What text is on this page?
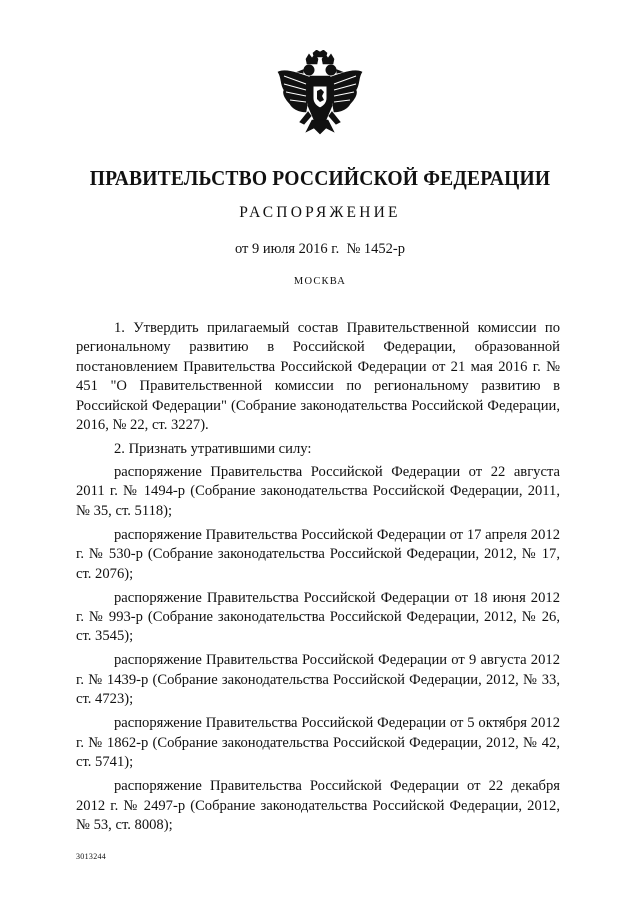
ПРАВИТЕЛЬСТВО РОССИЙСКОЙ ФЕДЕРАЦИИ
РАСПОРЯЖЕНИЕ
от 9 июля 2016 г.  № 1452-р
МОСКВА

1. Утвердить прилагаемый состав Правительственной комиссии по региональному развитию в Российской Федерации, образованной постановлением Правительства Российской Федерации от 21 мая 2016 г. № 451 "О Правительственной комиссии по региональному развитию в Российской Федерации" (Собрание законодательства Российской Федерации, 2016, № 22, ст. 3227).

2. Признать утратившими силу:

распоряжение Правительства Российской Федерации от 22 августа 2011 г. № 1494-р (Собрание законодательства Российской Федерации, 2011, № 35, ст. 5118);

распоряжение Правительства Российской Федерации от 17 апреля 2012 г. № 530-р (Собрание законодательства Российской Федерации, 2012, № 17, ст. 2076);

распоряжение Правительства Российской Федерации от 18 июня 2012 г. № 993-р (Собрание законодательства Российской Федерации, 2012, № 26, ст. 3545);

распоряжение Правительства Российской Федерации от 9 августа 2012 г. № 1439-р (Собрание законодательства Российской Федерации, 2012, № 33, ст. 4723);

распоряжение Правительства Российской Федерации от 5 октября 2012 г. № 1862-р (Собрание законодательства Российской Федерации, 2012, № 42, ст. 5741);

распоряжение Правительства Российской Федерации от 22 декабря 2012 г. № 2497-р (Собрание законодательства Российской Федерации, 2012, № 53, ст. 8008);

3013244
